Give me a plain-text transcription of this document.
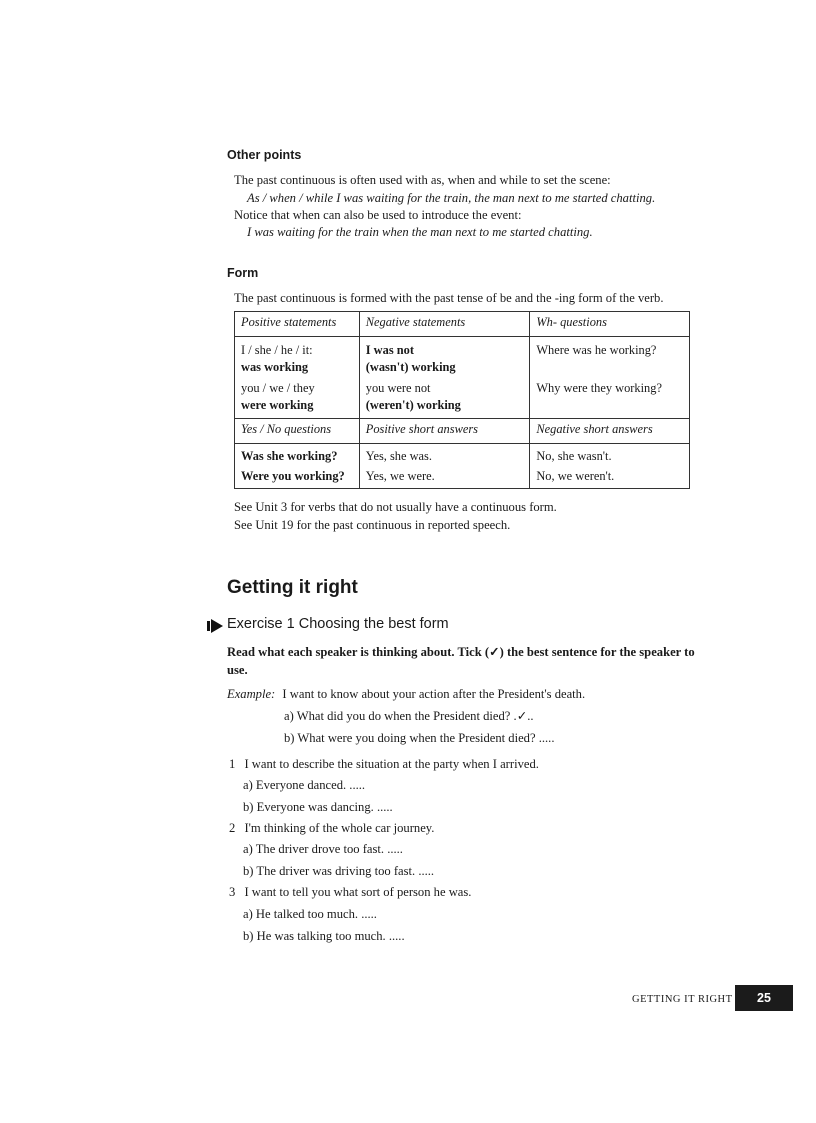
Other points
The past continuous is often used with as, when and while to set the scene:
As / when / while I was waiting for the train, the man next to me started chatting.
Notice that when can also be used to introduce the event:
I was waiting for the train when the man next to me started chatting.
Form
The past continuous is formed with the past tense of be and the -ing form of the verb.
Positive statements	Negative statements	Wh- questions

I / she / he / it:
was working
you / we / they
were working	I was not
(wasn't) working
you were not
(weren't) working	Where was he working?
Why were they working?

Yes / No questions	Positive short answers	Negative short answers

Was she working?
Were you working?	Yes, she was.
Yes, we were.	No, she wasn't.
No, we weren't.
See Unit 3 for verbs that do not usually have a continuous form.
See Unit 19 for the past continuous in reported speech.
Getting it right
Exercise 1 Choosing the best form
Read what each speaker is thinking about. Tick (✓) the best sentence for the speaker to use.
Example: I want to know about your action after the President's death.
a) What did you do when the President died? .✓..
b) What were you doing when the President died? .....
1 I want to describe the situation at the party when I arrived.
a) Everyone danced. .....
b) Everyone was dancing. .....
2 I'm thinking of the whole car journey.
a) The driver drove too fast. .....
b) The driver was driving too fast. .....
3 I want to tell you what sort of person he was.
a) He talked too much. .....
b) He was talking too much. .....
GETTING IT RIGHT	25
